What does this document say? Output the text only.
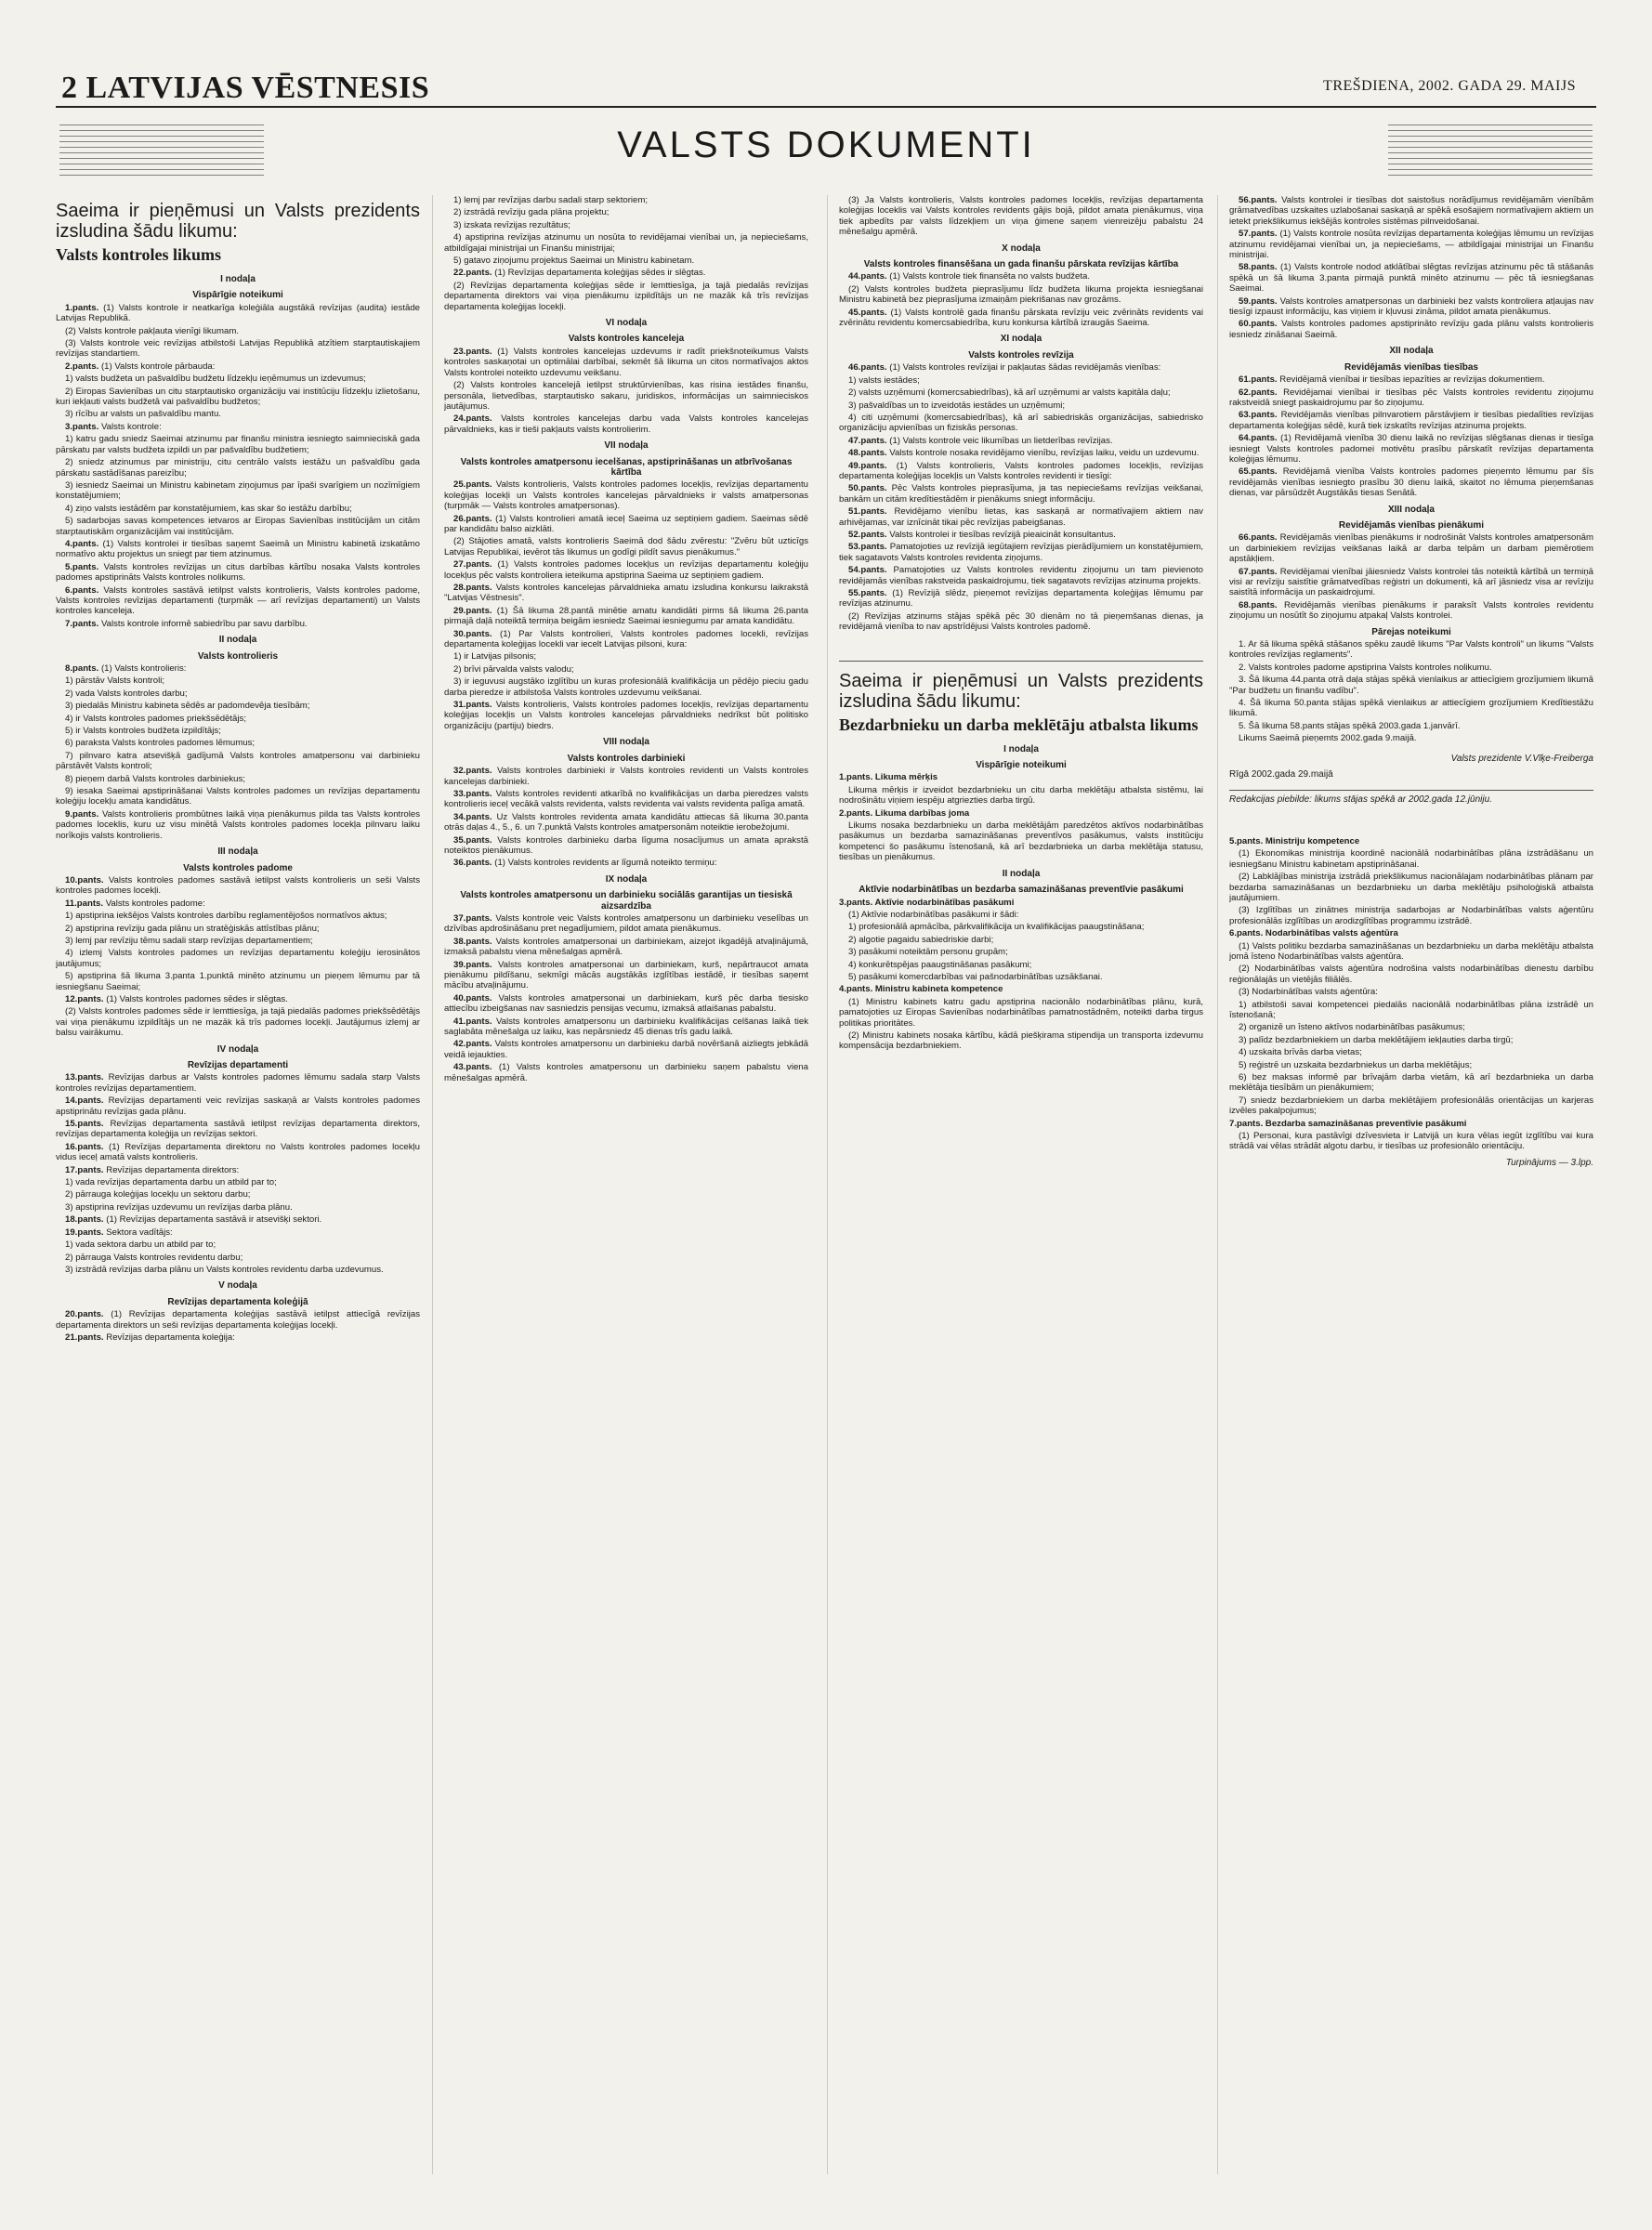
2 LATVIJAS VĒSTNESIS	TREŠDIENA, 2002. GADA 29. MAIJS
VALSTS DOKUMENTI
Saeima ir pieņēmusi un Valsts prezidents izsludina šādu likumu:
Valsts kontroles likums
I nodaļa
Vispārīgie noteikumi

1.pants. (1) Valsts kontrole ir neatkarīga koleģiāla augstākā revīzijas (audita) iestāde Latvijas Republikā.

(2) Valsts kontrole pakļauta vienīgi likumam.

(3) Valsts kontrole veic revīzijas atbilstoši Latvijas Republikā atzītiem starptautiskajiem revīzijas standartiem.

2.pants. (1) Valsts kontrole pārbauda:

1) valsts budžeta un pašvaldību budžetu līdzekļu ieņēmumus un izdevumus;

2) Eiropas Savienības un citu starptautisko organizāciju vai institūciju līdzekļu izlietošanu, kuri iekļauti valsts budžetā vai pašvaldību budžetos;

3) rīcību ar valsts un pašvaldību mantu.

3.pants. Valsts kontrole:

1) katru gadu sniedz Saeimai atzinumu par finanšu ministra iesniegto saimnieciskā gada pārskatu par valsts budžeta izpildi un par pašvaldību budžetiem;

2) sniedz atzinumus par ministriju, citu centrālo valsts iestāžu un pašvaldību gada pārskatu sastādīšanas pareizību;

3) iesniedz Saeimai un Ministru kabinetam ziņojumus par īpaši svarīgiem un nozīmīgiem konstatējumiem;

4) ziņo valsts iestādēm par konstatējumiem, kas skar šo iestāžu darbību;

5) sadarbojas savas kompetences ietvaros ar Eiropas Savienības institūcijām un citām starptautiskām organizācijām vai institūcijām.

4.pants. (1) Valsts kontrolei ir tiesības saņemt Saeimā un Ministru kabinetā izskatāmo normatīvo aktu projektus un sniegt par tiem atzinumus.

5.pants. Valsts kontroles revīzijas un citus darbības kārtību nosaka Valsts kontroles padomes apstiprināts Valsts kontroles nolikums.

6.pants. Valsts kontroles sastāvā ietilpst valsts kontrolieris, Valsts kontroles padome, Valsts kontroles revīzijas departamenti (turpmāk — arī revīzijas departamenti) un Valsts kontroles kanceleja.

7.pants. Valsts kontrole informē sabiedrību par savu darbību.

II nodaļa
Valsts kontrolieris

8.pants. (1) Valsts kontrolieris:

1) pārstāv Valsts kontroli;

2) vada Valsts kontroles darbu;

3) piedalās Ministru kabineta sēdēs ar padomdevēja tiesībām;

4) ir Valsts kontroles padomes priekšsēdētājs;

5) ir Valsts kontroles budžeta izpildītājs;

6) paraksta Valsts kontroles padomes lēmumus;

7) pilnvaro katra atsevišķā gadījumā Valsts kontroles amatpersonu vai darbinieku pārstāvēt Valsts kontroli;

8) pieņem darbā Valsts kontroles darbiniekus;

9) iesaka Saeimai apstiprināšanai Valsts kontroles padomes un revīzijas departamentu koleģiju locekļu amata kandidātus.

9.pants. Valsts kontrolieris prombūtnes laikā viņa pienākumus pilda tas Valsts kontroles padomes loceklis, kuru uz visu minētā Valsts kontroles padomes locekļa pilnvaru laiku norīkojis valsts kontrolieris.

III nodaļa
Valsts kontroles padome

10.pants. Valsts kontroles padomes sastāvā ietilpst valsts kontrolieris un seši Valsts kontroles padomes locekļi.

11.pants. Valsts kontroles padome:

1) apstiprina iekšējos Valsts kontroles darbību reglamentējošos normatīvos aktus;

2) apstiprina revīziju gada plānu un stratēģiskās attīstības plānu;

3) lemj par revīziju tēmu sadali starp revīzijas departamentiem;

4) izlemj Valsts kontroles padomes un revīzijas departamentu koleģiju ierosinātos jautājumus;

5) apstiprina šā likuma 3.panta 1.punktā minēto atzinumu un pieņem lēmumu par tā iesniegšanu Saeimai;

12.pants. (1) Valsts kontroles padomes sēdes ir slēgtas.

(2) Valsts kontroles padomes sēde ir lemttiesīga, ja tajā piedalās padomes priekšsēdētājs vai viņa pienākumu izpildītājs un ne mazāk kā trīs padomes locekļi. Jautājumus izlemj ar balsu vairākumu.

IV nodaļa
Revīzijas departamenti

13.pants. Revīzijas darbus ar Valsts kontroles padomes lēmumu sadala starp Valsts kontroles revīzijas departamentiem.

14.pants. Revīzijas departamenti veic revīzijas saskaņā ar Valsts kontroles padomes apstiprinātu revīzijas gada plānu.

15.pants. Revīzijas departamenta sastāvā ietilpst revīzijas departamenta direktors, revīzijas departamenta koleģija un revīzijas sektori.

16.pants. (1) Revīzijas departamenta direktoru no Valsts kontroles padomes locekļu vidus ieceļ amatā valsts kontrolieris.

17.pants. Revīzijas departamenta direktors:

1) vada revīzijas departamenta darbu un atbild par to;

2) pārrauga koleģijas locekļu un sektoru darbu;

3) apstiprina revīzijas uzdevumu un revīzijas darba plānu.

18.pants. (1) Revīzijas departamenta sastāvā ir atsevišķi sektori.

19.pants. Sektora vadītājs:

1) vada sektora darbu un atbild par to;

2) pārrauga Valsts kontroles revidentu darbu;

3) izstrādā revīzijas darba plānu un Valsts kontroles revidentu darba uzdevumus.

V nodaļa
Revīzijas departamenta koleģijā

20.pants. (1) Revīzijas departamenta koleģijas sastāvā ietilpst attiecīgā revīzijas departamenta direktors un seši revīzijas departamenta koleģijas locekļi.

21.pants. Revīzijas departamenta koleģija:

1) lemj par revīzijas darbu sadali starp sektoriem;

2) izstrādā revīziju gada plāna projektu;

3) izskata revīzijas rezultātus;

4) apstiprina revīzijas atzinumu un nosūta to revidējamai vienībai un, ja nepieciešams, atbildīgajai ministrijai un Finanšu ministrijai;

5) gatavo ziņojumu projektus Saeimai un Ministru kabinetam.

22.pants. (1) Revīzijas departamenta koleģijas sēdes ir slēgtas.

(2) Revīzijas departamenta koleģijas sēde ir lemttiesīga, ja tajā piedalās revīzijas departamenta direktors vai viņa pienākumu izpildītājs un ne mazāk kā trīs revīzijas departamenta koleģijas locekļi.

VI nodaļa
Valsts kontroles kanceleja

23.pants. (1) Valsts kontroles kancelejas uzdevums ir radīt priekšnoteikumus Valsts kontroles saskaņotai un optimālai darbībai, sekmēt šā likuma un citos normatīvajos aktos Valsts kontrolei noteikto uzdevumu veikšanu.

(2) Valsts kontroles kancelejā ietilpst struktūrvienības, kas risina iestādes finanšu, personāla, lietvedības, starptautisko sakaru, juridiskos, informācijas un saimnieciskos jautājumus.

24.pants. Valsts kontroles kancelejas darbu vada Valsts kontroles kancelejas pārvaldnieks, kas ir tieši pakļauts valsts kontrolierim.

VII nodaļa
Valsts kontroles amatpersonu iecelšanas, apstiprināšanas un atbrīvošanas kārtība

25.pants. Valsts kontrolieris, Valsts kontroles padomes locekļis, revīzijas departamentu koleģijas locekļi un Valsts kontroles kancelejas pārvaldnieks ir valsts amatpersonas (turpmāk — Valsts kontroles amatpersonas).

26.pants. (1) Valsts kontrolieri amatā ieceļ Saeima uz septiņiem gadiem. Saeimas sēdē par kandidātu balso aizklāti.

(2) Stājoties amatā, valsts kontrolieris Saeimā dod šādu zvērestu: "Zvēru būt uzticīgs Latvijas Republikai, ievērot tās likumus un godīgi pildīt savus pienākumus."

27.pants. (1) Valsts kontroles padomes locekļus un revīzijas departamentu koleģiju locekļus pēc valsts kontroliera ieteikuma apstiprina Saeima uz septiņiem gadiem.

28.pants. Valsts kontroles kancelejas pārvaldnieka amatu izsludina konkursu laikrakstā "Latvijas Vēstnesis".

29.pants. (1) Šā likuma 28.pantā minētie amatu kandidāti pirms šā likuma 26.panta pirmajā daļā noteiktā termiņa beigām iesniedz Saeimai iesniegumu par amata kandidātu.

30.pants. (1) Par Valsts kontrolieri, Valsts kontroles padomes locekli, revīzijas departamenta koleģijas locekli var iecelt Latvijas pilsoni, kura:

1) ir Latvijas pilsonis;

2) brīvi pārvalda valsts valodu;

3) ir ieguvusi augstāko izglītību un kuras profesionālā kvalifikācija un pēdējo pieciu gadu darba pieredze ir atbilstoša Valsts kontroles uzdevumu veikšanai.

31.pants. Valsts kontrolieris, Valsts kontroles padomes locekļis, revīzijas departamentu koleģijas locekļis un Valsts kontroles kancelejas pārvaldnieks nedrīkst būt politisko organizāciju (partiju) biedrs.

VIII nodaļa
Valsts kontroles darbinieki

32.pants. Valsts kontroles darbinieki ir Valsts kontroles revidenti un Valsts kontroles kancelejas darbinieki.

33.pants. Valsts kontroles revidenti atkarībā no kvalifikācijas un darba pieredzes valsts kontrolieris ieceļ vecākā valsts revidenta, valsts revidenta vai valsts revidenta palīga amatā.

34.pants. Uz Valsts kontroles revidenta amata kandidātu attiecas šā likuma 30.panta otrās daļas 4., 5., 6. un 7.punktā Valsts kontroles amatpersonām noteiktie ierobežojumi.

35.pants. Valsts kontroles darbinieku darba līguma nosacījumus un amata aprakstā noteiktos pienākumus.

36.pants. (1) Valsts kontroles revidents ar līgumā noteikto termiņu:

IX nodaļa
Valsts kontroles amatpersonu un darbinieku sociālās garantijas un tiesiskā aizsardzība

37.pants. Valsts kontrole veic Valsts kontroles amatpersonu un darbinieku veselības un dzīvības apdrošināšanu pret negadījumiem, pildot amata pienākumus.

38.pants. Valsts kontroles amatpersonai un darbiniekam, aizejot ikgadējā atvaļinājumā, izmaksā pabalstu viena mēnešalgas apmērā.

39.pants. Valsts kontroles amatpersonai un darbiniekam, kurš, nepārtraucot amata pienākumu pildīšanu, sekmīgi mācās augstākās izglītības iestādē, ir tiesības saņemt mācību atvaļinājumu.

40.pants. Valsts kontroles amatpersonai un darbiniekam, kurš pēc darba tiesisko attiecību izbeigšanas nav sasniedzis pensijas vecumu, izmaksā atlaišanas pabalstu.

41.pants. Valsts kontroles amatpersonu un darbinieku kvalifikācijas celšanas laikā tiek saglabāta mēnešalga uz laiku, kas nepārsniedz 45 dienas trīs gadu laikā.

42.pants. Valsts kontroles amatpersonu un darbinieku darbā novēršanā aizliegts jebkādā veidā iejaukties.

43.pants. (1) Valsts kontroles amatpersonu un darbinieku saņem pabalstu viena mēnešalgas apmērā.

(3) Ja Valsts kontrolieris, Valsts kontroles padomes locekļis, revīzijas departamenta koleģijas loceklis vai Valsts kontroles revidents gājis bojā, pildot amata pienākumus, viņa tiek apbedīts par valsts līdzekļiem un viņa ģimene saņem vienreizēju pabalstu 24 mēnešalgu apmērā.

X nodaļa
Valsts kontroles finansēšana un gada finanšu pārskata revīzijas kārtība

44.pants. (1) Valsts kontrole tiek finansēta no valsts budžeta.

(2) Valsts kontroles budžeta pieprasījumu līdz budžeta likuma projekta iesniegšanai Ministru kabinetā bez pieprasījuma izmaiņām piekrišanas nav grozāms.

45.pants. (1) Valsts kontrolē gada finanšu pārskata revīziju veic zvērināts revidents vai zvērinātu revidentu komercsabiedrība, kuru konkursa kārtībā izraugās Saeima.

XI nodaļa
Valsts kontroles revīzija

46.pants. (1) Valsts kontroles revīzijai ir pakļautas šādas revidējamās vienības:

1) valsts iestādes;

2) valsts uzņēmumi (komercsabiedrības), kā arī uzņēmumi ar valsts kapitāla daļu;

3) pašvaldības un to izveidotās iestādes un uzņēmumi;

4) citi uzņēmumi (komercsabiedrības), kā arī sabiedriskās organizācijas, sabiedrisko organizāciju apvienības un fiziskās personas.

47.pants. (1) Valsts kontrole veic likumības un lietderības revīzijas.

48.pants. Valsts kontrole nosaka revidējamo vienību, revīzijas laiku, veidu un uzdevumu.

49.pants. (1) Valsts kontrolieris, Valsts kontroles padomes locekļis, revīzijas departamenta koleģijas locekļis un Valsts kontroles revidenti ir tiesīgi:

50.pants. Pēc Valsts kontroles pieprasījuma, ja tas nepieciešams revīzijas veikšanai, bankām un citām kredītiestādēm ir pienākums sniegt informāciju.

51.pants. Revidējamo vienību lietas, kas saskaņā ar normatīvajiem aktiem nav arhivējamas, var iznīcināt tikai pēc revīzijas pabeigšanas.

52.pants. Valsts kontrolei ir tiesības revīzijā pieaicināt konsultantus.

53.pants. Pamatojoties uz revīzijā iegūtajiem revīzijas pierādījumiem un konstatējumiem, tiek sagatavots Valsts kontroles revidenta ziņojums.

54.pants. Pamatojoties uz Valsts kontroles revidentu ziņojumu un tam pievienoto revidējamās vienības rakstveida paskaidrojumu, tiek sagatavots revīzijas atzinuma projekts.

55.pants. (1) Revīzijā slēdz, pieņemot revīzijas departamenta koleģijas lēmumu par revīzijas atzinumu.

(2) Revīzijas atzinums stājas spēkā pēc 30 dienām no tā pieņemšanas dienas, ja revidējamā vienība to nav apstrīdējusi Valsts kontroles padomē.

Saeima ir pieņēmusi un Valsts prezidents izsludina šādu likumu:
Bezdarbnieku un darba meklētāju atbalsta likums
I nodaļa
Vispārīgie noteikumi

1.pants. Likuma mērķis

Likuma mērķis ir izveidot bezdarbnieku un citu darba meklētāju atbalsta sistēmu, lai nodrošinātu viņiem iespēju atgriezties darba tirgū.

2.pants. Likuma darbības joma

Likums nosaka bezdarbnieku un darba meklētājām paredzētos aktīvos nodarbinātības pasākumus un bezdarba samazināšanas preventīvos pasākumus, valsts institūciju kompetenci šo pasākumu īstenošanā, kā arī bezdarbnieka un darba meklētāja statusu, tiesības un pienākumus.

II nodaļa
Aktīvie nodarbinātības un bezdarba samazināšanas preventīvie pasākumi

3.pants. Aktīvie nodarbinātības pasākumi

(1) Aktīvie nodarbinātības pasākumi ir šādi:

1) profesionālā apmācība, pārkvalifikācija un kvalifikācijas paaugstināšana;

2) algotie pagaidu sabiedriskie darbi;

3) pasākumi noteiktām personu grupām;

4) konkurētspējas paaugstināšanas pasākumi;

5) pasākumi komercdarbības vai pašnodarbinātības uzsākšanai.

4.pants. Ministru kabineta kompetence

(1) Ministru kabinets katru gadu apstiprina nacionālo nodarbinātības plānu, kurā, pamatojoties uz Eiropas Savienības nodarbinātības pamatnostādnēm, noteikti darba tirgus politikas prioritātes.

(2) Ministru kabinets nosaka kārtību, kādā piešķirama stipendija un transporta izdevumu kompensācija bezdarbniekiem.

56.pants. Valsts kontrolei ir tiesības dot saistošus norādījumus revidējamām vienībām grāmatvedības uzskaites uzlabošanai saskaņā ar spēkā esošajiem normatīvajiem aktiem un ietekt priekšlikumus iekšējās kontroles sistēmas pilnveidošanai.

57.pants. (1) Valsts kontrole nosūta revīzijas departamenta koleģijas lēmumu un revīzijas atzinumu revidējamai vienībai un, ja nepieciešams, — atbildīgajai ministrijai un Finanšu ministrijai.

58.pants. (1) Valsts kontrole nodod atklātībai slēgtas revīzijas atzinumu pēc tā stāšanās spēkā un šā likuma 3.panta pirmajā punktā minēto atzinumu — pēc tā iesniegšanas Saeimai.

59.pants. Valsts kontroles amatpersonas un darbinieki bez valsts kontroliera atļaujas nav tiesīgi izpaust informāciju, kas viņiem ir kļuvusi zināma, pildot amata pienākumus.

60.pants. Valsts kontroles padomes apstiprināto revīziju gada plānu valsts kontrolieris iesniedz zināšanai Saeimā.

XII nodaļa
Revidējamās vienības tiesības

61.pants. Revidējamā vienībai ir tiesības iepazīties ar revīzijas dokumentiem.

62.pants. Revidējamai vienībai ir tiesības pēc Valsts kontroles revidentu ziņojumu rakstveidā sniegt paskaidrojumu par šo ziņojumu.

63.pants. Revidējamās vienības pilnvarotiem pārstāvjiem ir tiesības piedalīties revīzijas departamenta koleģijas sēdē, kurā tiek izskatīts revīzijas atzinuma projekts.

64.pants. (1) Revidējamā vienība 30 dienu laikā no revīzijas slēgšanas dienas ir tiesīga iesniegt Valsts kontroles padomei motivētu prasību pārskatīt revīzijas departamenta koleģijas lēmumu.

65.pants. Revidējamā vienība Valsts kontroles padomes pieņemto lēmumu par šīs revidējamās vienības iesniegto prasību 30 dienu laikā, skaitot no lēmuma pieņemšanas dienas, var pārsūdzēt Augstākās tiesas Senātā.

XIII nodaļa
Revidējamās vienības pienākumi

66.pants. Revidējamās vienības pienākums ir nodrošināt Valsts kontroles amatpersonām un darbiniekiem revīzijas veikšanas laikā ar darba telpām un darbam piemērotiem apstākļiem.

67.pants. Revidējamai vienībai jāiesniedz Valsts kontrolei tās noteiktā kārtībā un termiņā visi ar revīziju saistītie grāmatvedības reģistri un dokumenti, kā arī jāsniedz visa ar revīziju saistītā informācija un paskaidrojumi.

68.pants. Revidējamās vienības pienākums ir paraksīt Valsts kontroles revidentu ziņojumu un nosūtīt šo ziņojumu atpakaļ Valsts kontrolei.

Pārejas noteikumi

1. Ar šā likuma spēkā stāšanos spēku zaudē likums "Par Valsts kontroli" un likums "Valsts kontroles revīzijas reglaments".

2. Valsts kontroles padome apstiprina Valsts kontroles nolikumu.

3. Šā likuma 44.panta otrā daļa stājas spēkā vienlaikus ar attiecīgiem grozījumiem likumā "Par budžetu un finanšu vadību".

4. Šā likuma 50.panta stājas spēkā vienlaikus ar attiecīgiem grozījumiem Kredītiestāžu likumā.

5. Šā likuma 58.pants stājas spēkā 2003.gada 1.janvārī.

Likums Saeimā pieņemts 2002.gada 9.maijā.

Valsts prezidente V.Vīķe-Freiberga
Rīgā 2002.gada 29.maijā
Redakcijas piebilde: likums stājas spēkā ar 2002.gada 12.jūniju.

5.pants. Ministriju kompetence

(1) Ekonomikas ministrija koordinē nacionālā nodarbinātības plāna izstrādāšanu un iesniegšanu Ministru kabinetam apstiprināšanai.

(2) Labklājības ministrija izstrādā priekšlikumus nacionālajam nodarbinātības plānam par bezdarba samazināšanas un bezdarbnieku un darba meklētāju psiholoģiskā atbalsta jautājumiem.

(3) Izglītības un zinātnes ministrija sadarbojas ar Nodarbinātības valsts aģentūru profesionālās izglītības un arodizglītības programmu izstrādē.

6.pants. Nodarbinātības valsts aģentūra

(1) Valsts politiku bezdarba samazināšanas un bezdarbnieku un darba meklētāju atbalsta jomā īsteno Nodarbinātības valsts aģentūra.

(2) Nodarbinātības valsts aģentūra nodrošina valsts nodarbinātības dienestu darbību reģionālajās un vietējās filiālēs.

(3) Nodarbinātības valsts aģentūra:

1) atbilstoši savai kompetencei piedalās nacionālā nodarbinātības plāna izstrādē un īstenošanā;

2) organizē un īsteno aktīvos nodarbinātības pasākumus;

3) palīdz bezdarbniekiem un darba meklētājiem iekļauties darba tirgū;

4) uzskaita brīvās darba vietas;

5) reģistrē un uzskaita bezdarbniekus un darba meklētājus;

6) bez maksas informē par brīvajām darba vietām, kā arī bezdarbnieka un darba meklētāja tiesībām un pienākumiem;

7) sniedz bezdarbniekiem un darba meklētājiem profesionālās orientācijas un karjeras izvēles pakalpojumus;

7.pants. Bezdarba samazināšanas preventīvie pasākumi

(1) Personai, kura pastāvīgi dzīvesvieta ir Latvijā un kura vēlas iegūt izglītību vai kura strādā vai vēlas strādāt algotu darbu, ir tiesības uz profesionālo orientāciju.

Turpinājums — 3.lpp.
